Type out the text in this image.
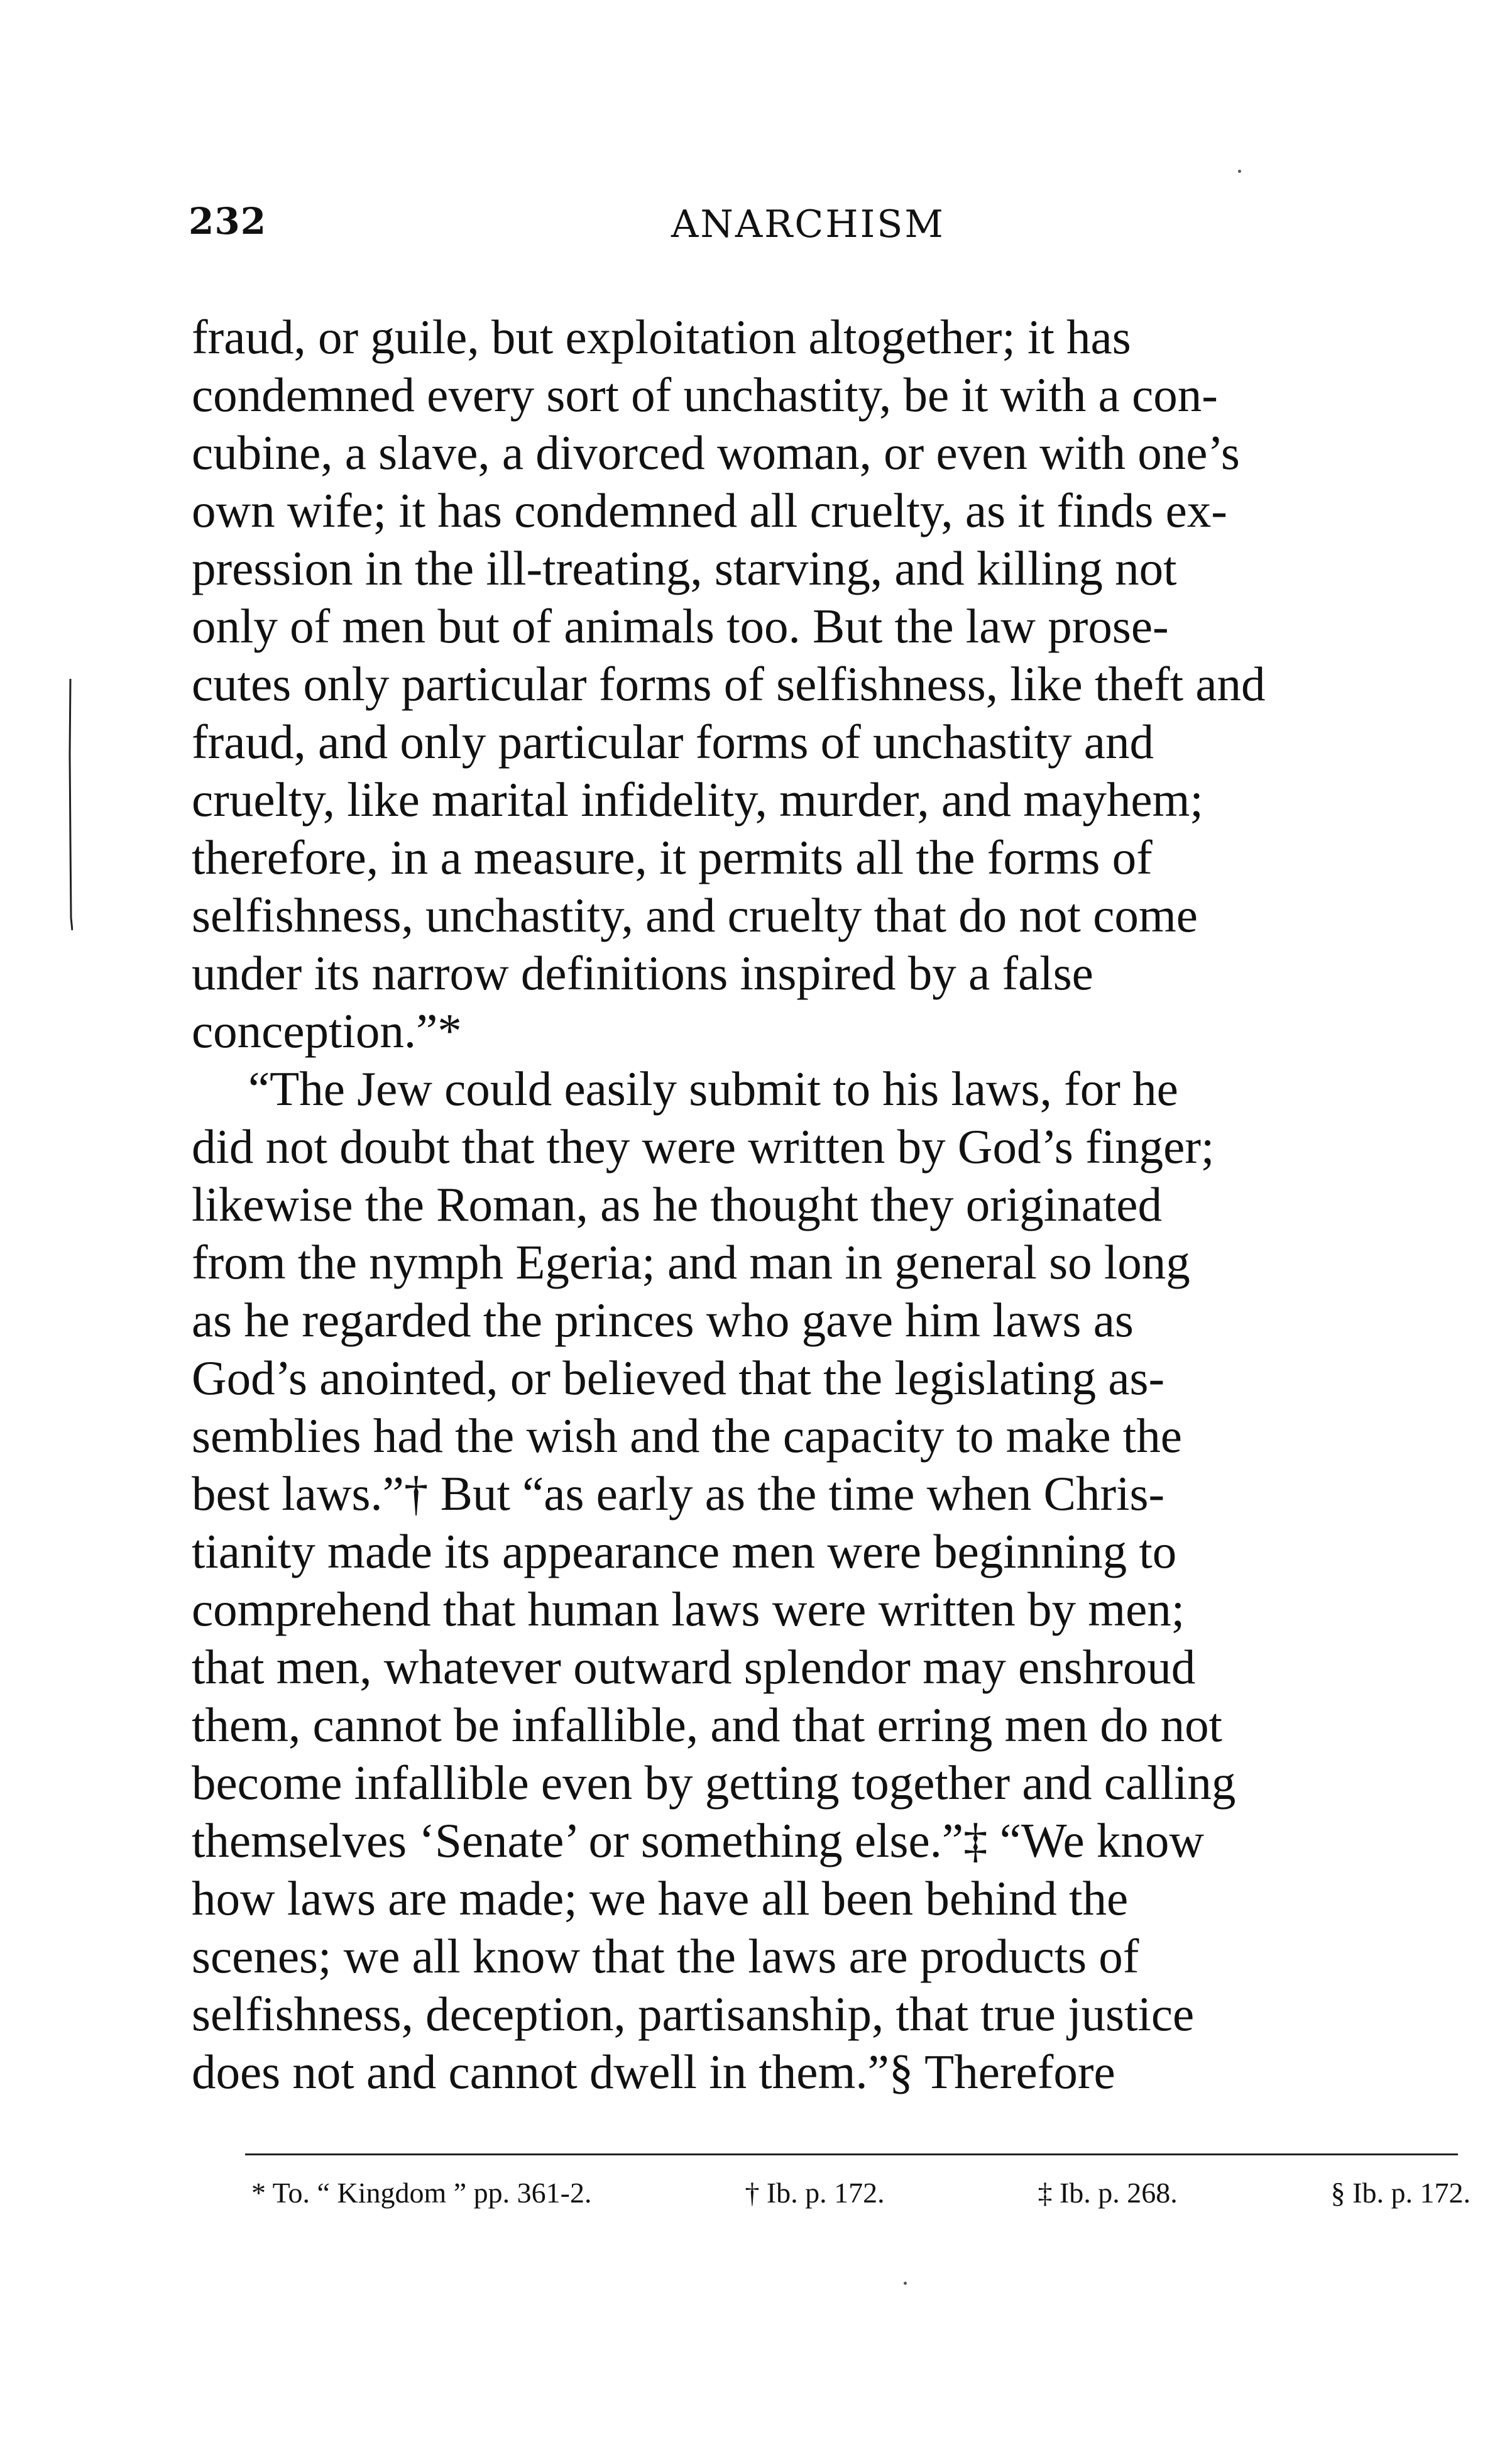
232	ANARCHISM
fraud, or guile, but exploitation altogether; it has
condemned every sort of unchastity, be it with a con-
cubine, a slave, a divorced woman, or even with one’s
own wife; it has condemned all cruelty, as it finds ex-
pression in the ill-treating, starving, and killing not
only of men but of animals too. But the law prose-
cutes only particular forms of selfishness, like theft and
fraud, and only particular forms of unchastity and
cruelty, like marital infidelity, murder, and mayhem;
therefore, in a measure, it permits all the forms of
selfishness, unchastity, and cruelty that do not come
under its narrow definitions inspired by a false
conception.”*
“The Jew could easily submit to his laws, for he
did not doubt that they were written by God’s finger;
likewise the Roman, as he thought they originated
from the nymph Egeria; and man in general so long
as he regarded the princes who gave him laws as
God’s anointed, or believed that the legislating as-
semblies had the wish and the capacity to make the
best laws.”† But “as early as the time when Chris-
tianity made its appearance men were beginning to
comprehend that human laws were written by men;
that men, whatever outward splendor may enshroud
them, cannot be infallible, and that erring men do not
become infallible even by getting together and calling
themselves ‘Senate’ or something else.”‡ “We know
how laws are made; we have all been behind the
scenes; we all know that the laws are products of
selfishness, deception, partisanship, that true justice
does not and cannot dwell in them.”§ Therefore
* To. “ Kingdom ” pp. 361-2.	† Ib. p. 172.	‡ Ib. p. 268.	§ Ib. p. 172.
